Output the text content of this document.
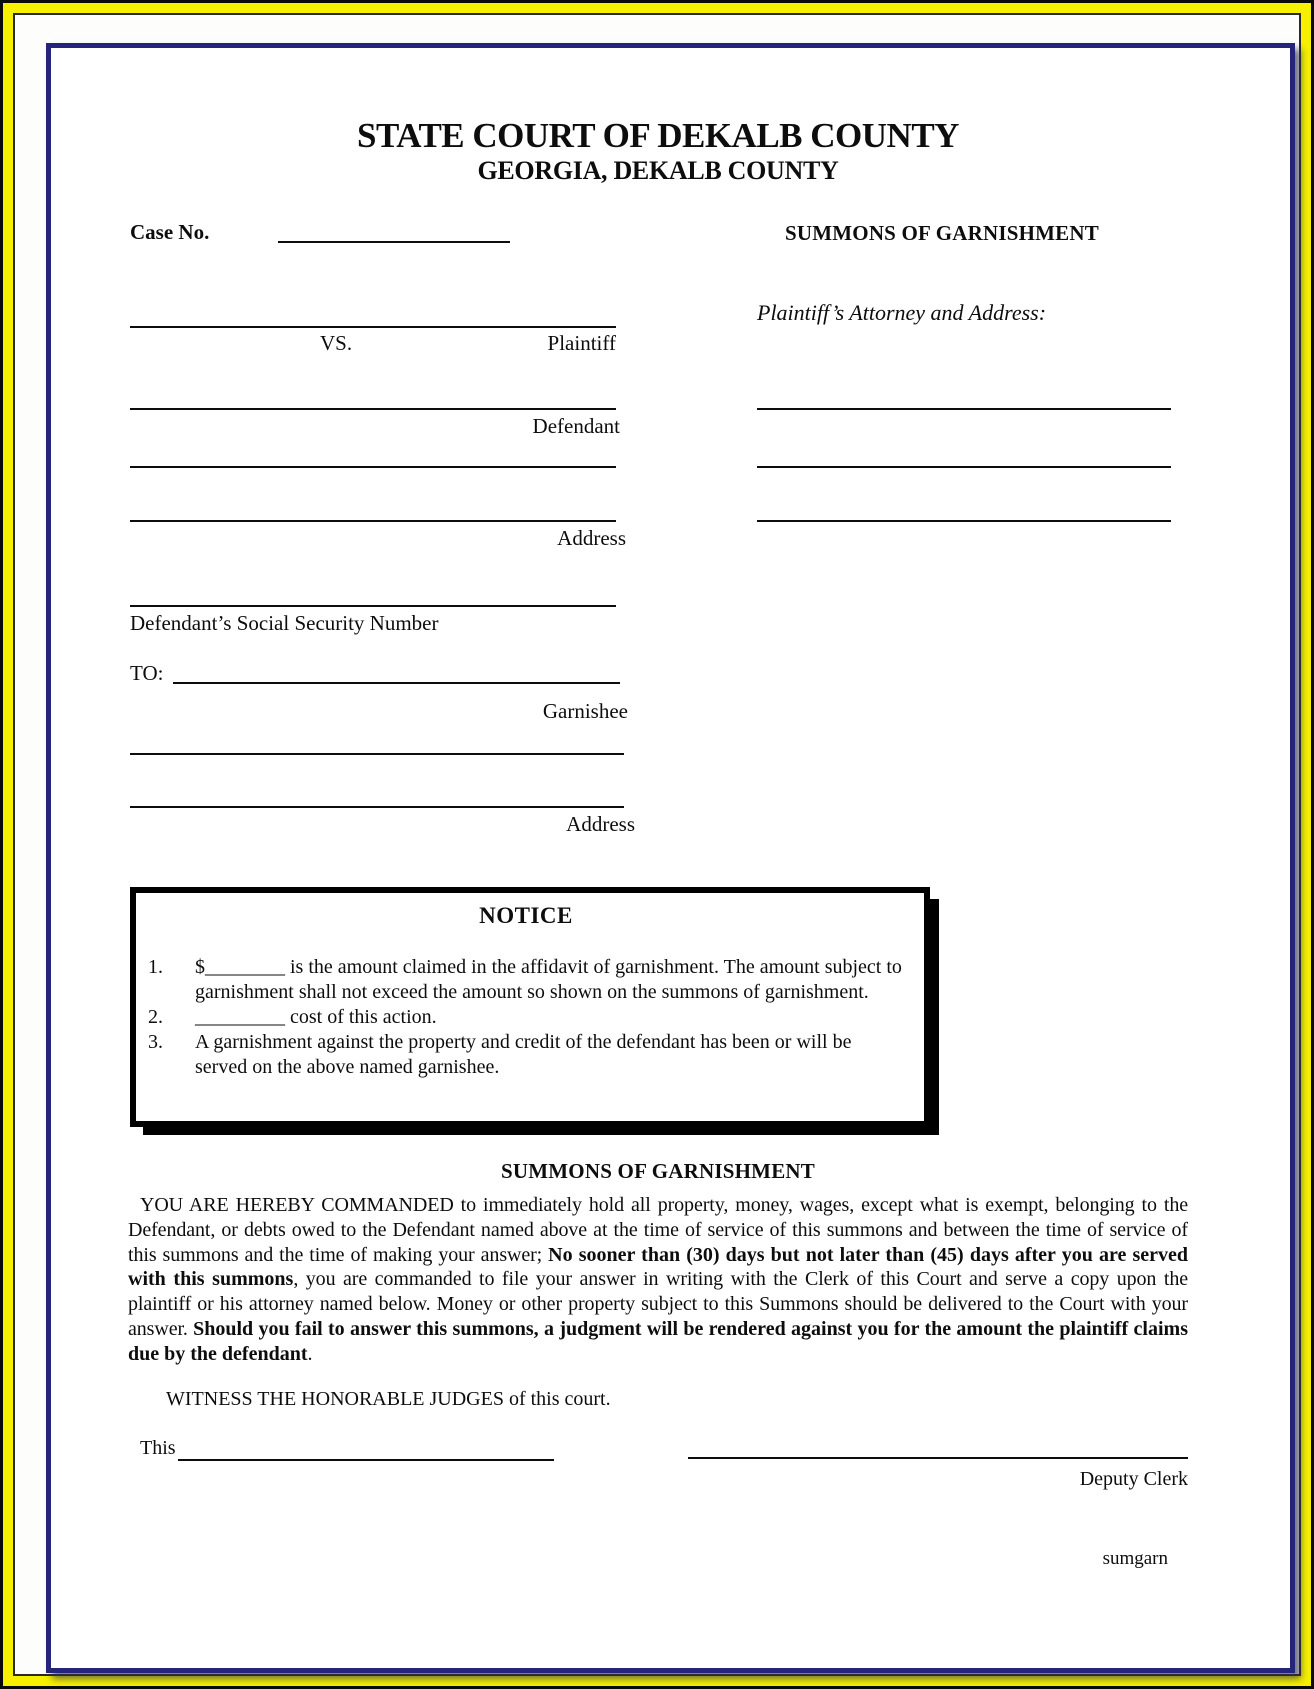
STATE COURT OF DEKALB COUNTY
GEORGIA, DEKALB COUNTY
Case No.	SUMMONS OF GARNISHMENT
Plaintiff’s Attorney and Address:
VS.	Plaintiff
Defendant
Address
Defendant’s Social Security Number
TO:
Garnishee
Address
NOTICE
1. $________ is the amount claimed in the affidavit of garnishment. The amount subject to garnishment shall not exceed the amount so shown on the summons of garnishment.
2. _________ cost of this action.
3. A garnishment against the property and credit of the defendant has been or will be served on the above named garnishee.
SUMMONS OF GARNISHMENT
YOU ARE HEREBY COMMANDED to immediately hold all property, money, wages, except what is exempt, belonging to the Defendant, or debts owed to the Defendant named above at the time of service of this summons and between the time of service of this summons and the time of making your answer; No sooner than (30) days but not later than (45) days after you are served with this summons, you are commanded to file your answer in writing with the Clerk of this Court and serve a copy upon the plaintiff or his attorney named below. Money or other property subject to this Summons should be delivered to the Court with your answer. Should you fail to answer this summons, a judgment will be rendered against you for the amount the plaintiff claims due by the defendant.
WITNESS THE HONORABLE JUDGES of this court.
This
Deputy Clerk
sumgarn
